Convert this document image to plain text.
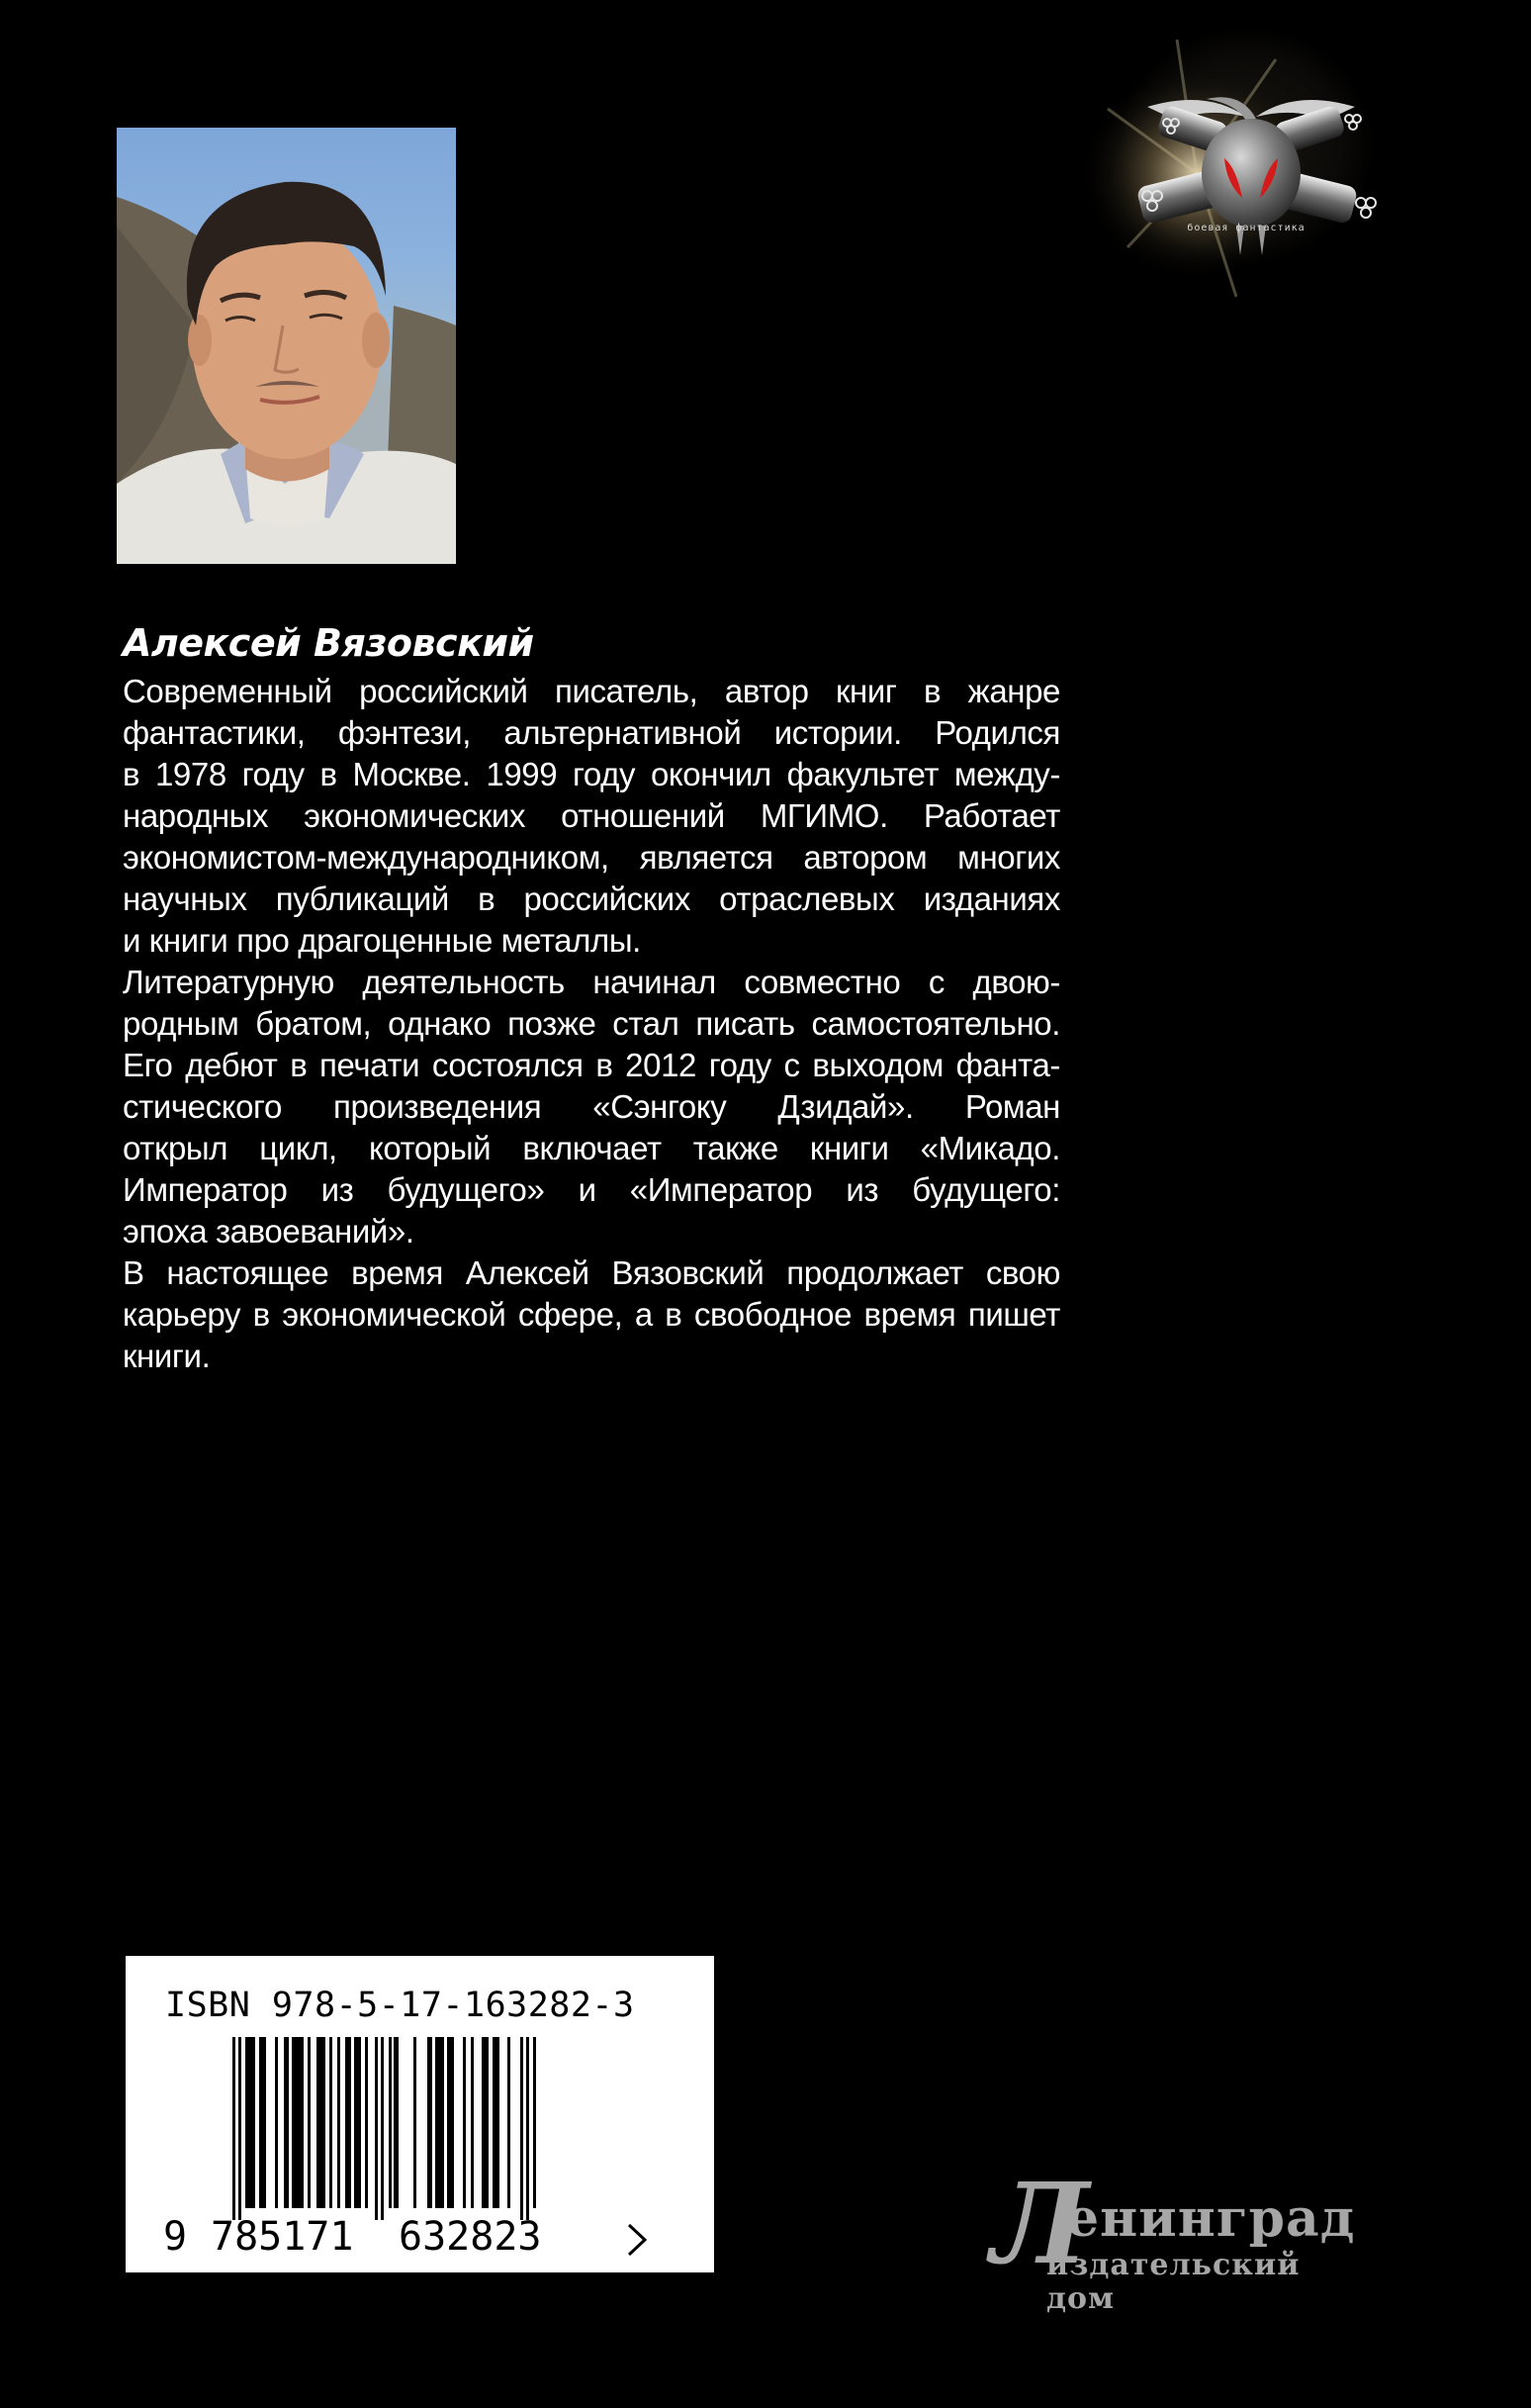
боевая фантастика
Алексей Вязовский

Современный российский писатель, автор книг в жанре
фантастики, фэнтези, альтернативной истории. Родился
в 1978 году в Москве. 1999 году окончил факультет между-
народных экономических отношений МГИМО. Работает
экономистом-международником, является автором многих
научных публикаций в российских отраслевых изданиях
и книги про драгоценные металлы.

Литературную деятельность начинал совместно с двою-
родным братом, однако позже стал писать самостоятельно.
Его дебют в печати состоялся в 2012 году с выходом фанта-
стического произведения «Сэнгоку Дзидай». Роман
открыл цикл, который включает также книги «Микадо.
Император из будущего» и «Император из будущего:
эпоха завоеваний».

В настоящее время Алексей Вязовский продолжает свою
карьеру в экономической сфере, а в свободное время пишет
книги.

ISBN 978-5-17-163282-3
9 785171 632823	Л
енинград
издательский дом
